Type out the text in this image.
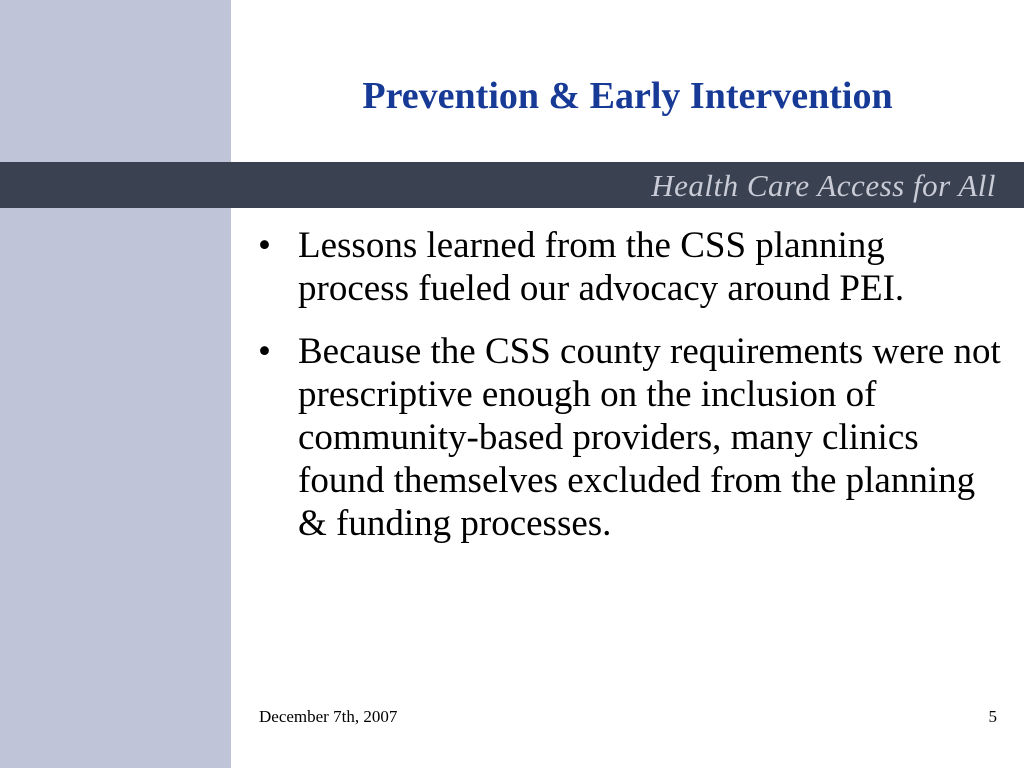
Prevention & Early Intervention
Health Care Access for All
• Lessons learned from the CSS planning process fueled our advocacy around PEI.
• Because the CSS county requirements were not prescriptive enough on the inclusion of community-based providers, many clinics found themselves excluded from the planning & funding processes.
December 7th, 2007	5
